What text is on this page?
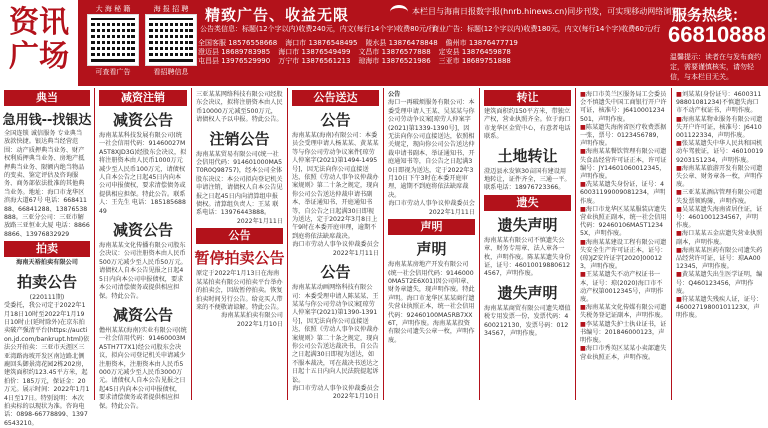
资讯
广场
大 海 秘 籍
可查看广告
海 报 招 聘
看招聘信息
精致广告、收益无限	本栏目与海南日报数字报(hnrb.hinews.cn)同步刊发，可实现移动网络浏览。
服务热线：
66810888
公告类信息：标题(12个字以内)收费240元，内文(每行14个字)收费80元/行
商业广告：标题(12个字以内)收费180元，内文(每行14个字)收费60元/行
全国客服 18576558668 海口市 13876548495 陵水县 13876478848 儋州市 13876477719
澄迈县 18689783985 海口市 13876549499 文昌市 13876577888 定安县 13876459878
屯昌县 13976529990 万宁市 13876561213 琼海市 13876521986 三亚市 18689751888	温馨提示：读者在与发布商约定，需要谨慎核实，请勿轻信，与本栏目无关。
典当
急用钱--找银达
全国连锁 诚信服务 专业典当 放款快捷。银达典当经营范围：动产质押典当业务、财产权利质押典当业务、房地产抵押典当业务、限额内绝当物品的变卖、鉴定评估及咨询服务、商务部依法批准的其他典当业务。地址：海口市龙华区滨海大道67号 电话：66841188、66841288、13876538888。三亚分公司：三亚市解放路三亚恒业大厦 电话：88668866、13976832929
拍卖
海南天裕拍卖有限公司
拍卖公告
(220111期)
受委托，我公司定于2022年1月18日10时至2022年1月19日10时止(延时除外)在京东拍卖破产强清平台(https://auction.jd.com/bankrupt.html)依法公开拍卖：三亚市天涯区三亚湾路海坡开发区南边路北侧鹿回头御景湾花园2栋202房，建筑面积约123.45平方米，起拍价：185万元，保证金：20万元。展示时间：2022年1月14日至17日。特别说明：本次拍卖标的以现状为准。咨询电话：0898-66778899、13976543210。
减资注销
减资公告
海南某某科技发展有限公司(统一社会信用代码：91460027MA5T8XJD3G)经股东会决议，拟将注册资本由人民币1000万元减少至人民币100万元，请债权人自本公告之日起45日内向本公司申报债权，要求清偿债务或提供相应担保。特此公告。联系人：王先生 电话：18518568849
减资公告
海南某某文化传播有限公司股东会决议：公司注册资本由人民币500万元减少至人民币50万元。请债权人自本公告见报之日起45日内向本公司申报债权，要求本公司清偿债务或提供相应担保。特此公告。
减资公告
儋州某某(海南)实业有限公司(统一社会信用代码：91460003MA5TH7T7X1)经公司股东会决议，拟向公司登记机关申请减少注册资本，注册资本由人民币5000万元减少至人民币3000万元。请债权人自本公告见报之日起45日内向本公司申报债权，要求清偿债务或者提供相应担保。特此公告。
三亚某某网络科技有限公司经股东会决议，拟将注册资本由人民币10000万元减至500万元，请债权人予以申报。特此公告。
注销公告
海南某某贸易有限公司(统一社会信用代码：914601000MA5T0R0Q98757)，经本公司全体股东决议：本公司拟向登记机关申请注销，请债权人自本公告见报之日起45日内向清算组申报债权。清算组负责人：王某 联系电话：13976443888。
2022年1月11日
公告
暂停拍卖公告
原定于2022年1月13日在海南某某拍卖有限公司拍卖平台举办的拍卖会，因故暂停拍卖。恢复拍卖时间另行公告。给竞买人带来的不便敬请谅解。特此公告。
海南某某拍卖有限公司
2022年1月10日
公告送达
公告
海南某某(海南)有限公司：本委员会受理申请人杨某某、黄某某等与你公司劳动争议案件[琼劳人仲案字(2021)第1494-1495号]，因无法向你公司直接送达，依照《劳动人事争议仲裁办案规则》第二十条之规定，现向你公司公告送达仲裁申请书副本、举证通知书、开庭通知书等，自公告之日起满30日即视为送达，定于2022年3月8日上午9时在本委开庭审理，逾期不到庭将依法缺席裁决。
海口市劳动人事争议仲裁委员会
2022年1月11日
公告
海南某某动画网络科技有限公司：本委受理申请人陈某某、王某某与你公司劳动争议案[琼劳人仲案字(2021)第1390-1391号]，因无法向你公司直接送达，依照《劳动人事争议仲裁办案规则》第二十条之规定，现向你公司公告送达裁决书，自公告之日起满30日即视为送达，如不服本裁决，可在裁决书送达之日起十五日内向人民法院提起诉讼。
海口市劳动人事争议仲裁委员会
2022年1月10日
公告
海口一再破烦服务有限公司：本委受理申请人王某、吴某某与你公司劳动争议案[琼劳人仲案字(2021)第1339-1390号]，因无法向你公司直接送达，依照相关规定，现向你公司公告送达仲裁申请书副本、举证通知书、开庭通知书等，自公告之日起满30日即视为送达，定于2022年3月10日下午3时在本委开庭审理，逾期不到庭将依法缺席裁决。
海口市劳动人事争议仲裁委员会
2022年1月11日
声明
声明
海南某某房地产开发有限公司(统一社会信用代码：91460000MA5T2E6X01)因公司印章、财务章遗失，现声明作废。特此声明。海口市龙华区某某商行遗失营业执照正本，统一社会信用代码：92460100MA5RB7XX6T，声明作废。海南某某投资有限公司遗失公章一枚，声明作废。
转让
建筑面积约150平方米，带独立产权，营业执照齐全。位于海口市龙华区金贸中心，有意者电话联系。
土地转让
澄迈县永发镇30亩国有建设用地转让，证件齐全，三通一平。联系电话：18976723366。
遗失
遗失声明
海南某某有限公司不慎遗失公章、财务专用章、法人章各一枚，声明作废。陈某某遗失身份证，证号：460100198806124567，声明作废。
遗失声明
海南某某商贸有限公司遗失增值税专用发票一份，发票代码：4600212130，发票号码：01234567，声明作废。
■海口市美兰区服务局工会委员会不慎遗失中国工商银行开户许可证，核准号：J6410001234501，声明作废。
■陈某遗失海南省医疗收费票据一张，票号：0123456789，声明作废。
■海南某某餐饮管理有限公司遗失食品经营许可证正本，许可证编号：JY14601060012345，声明作废。
■冼某某遗失身份证，证号：460031199009081234，声明作废。
■海口市龙华区某某服装店遗失营业执照正副本，统一社会信用代码：92460106MA5T12345X，声明作废。
■海南某某建设工程有限公司遗失安全生产许可证正本，证号：(琼)JZ安许证字[2020]000123，声明作废。
■王某某遗失不动产权证书一本，证号：琼(2020)海口市不动产权第0012345号，声明作废。
■海南某某文化传媒有限公司遗失税务登记证副本，声明作废。
■李某某遗失护士执业证书，证书编号：201846000123，声明作废。
■海口市秀英区某某小卖部遗失营业执照正本，声明作废。
■刘某某(身份证号：460031198801081234)不慎遗失海口市不动产权证书，声明作废。
■海南某某物业服务有限公司遗失开户许可证，核准号：J6410001122334，声明作废。
■张某某遗失中华人民共和国机动车驾驶证，证号：460100199203151234，声明作废。
■海南某某旅游开发有限公司遗失公章、财务章各一枚，声明作废。
■三亚某某酒店管理有限公司遗失发票领购簿，声明作废。
■吴某某遗失海南省居住证，证号：4601001234567，声明作废。
■海口某某五金店遗失营业执照副本，声明作废。
■海南某某医药有限公司遗失药品经营许可证，证号：琼AA0012345，声明作废。
■黄某某遗失出生医学证明，编号：Q460123456，声明作废。
■符某某遗失残疾人证，证号：46002719800101123X，声明作废。
